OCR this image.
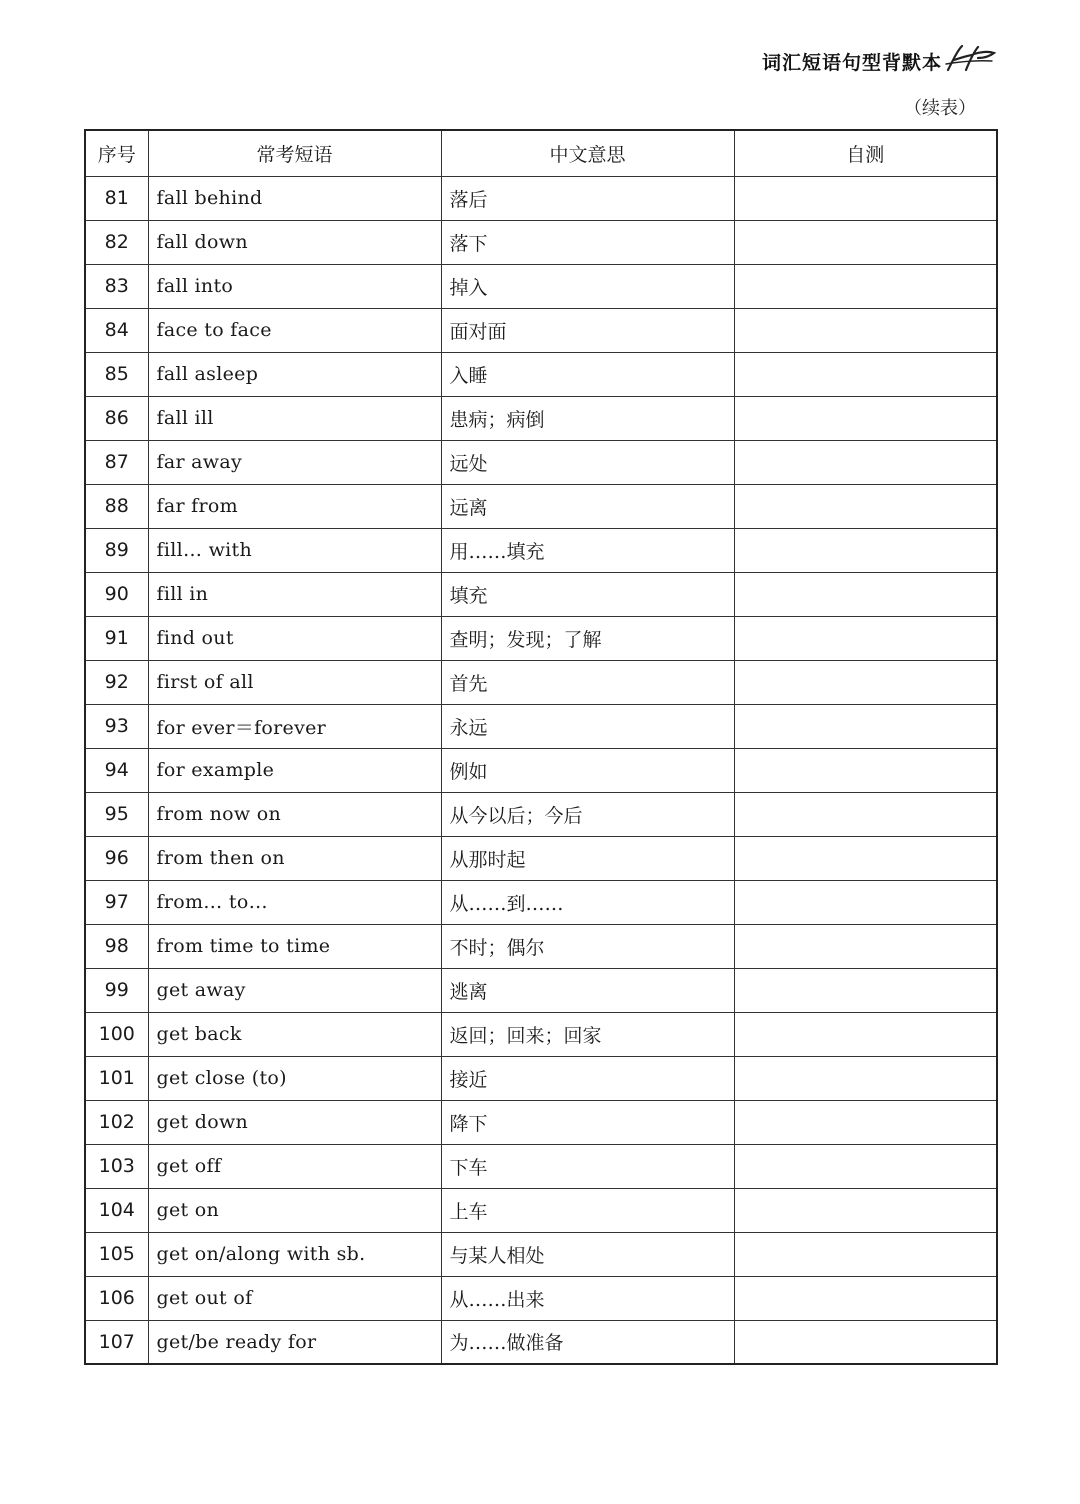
词汇短语句型背默本
（续表）
序号	常考短语	中文意思	自测
81	fall behind	落后	
82	fall down	落下	
83	fall into	掉入	
84	face to face	面对面	
85	fall asleep	入睡	
86	fall ill	患病；病倒	
87	far away	远处	
88	far from	远离	
89	fill… with	用……填充	
90	fill in	填充	
91	find out	查明；发现；了解	
92	first of all	首先	
93	for ever＝forever	永远	
94	for example	例如	
95	from now on	从今以后；今后	
96	from then on	从那时起	
97	from… to…	从……到……	
98	from time to time	不时；偶尔	
99	get away	逃离	
100	get back	返回；回来；回家	
101	get close (to)	接近	
102	get down	降下	
103	get off	下车	
104	get on	上车	
105	get on/along with sb.	与某人相处	
106	get out of	从……出来	
107	get/be ready for	为……做准备	
